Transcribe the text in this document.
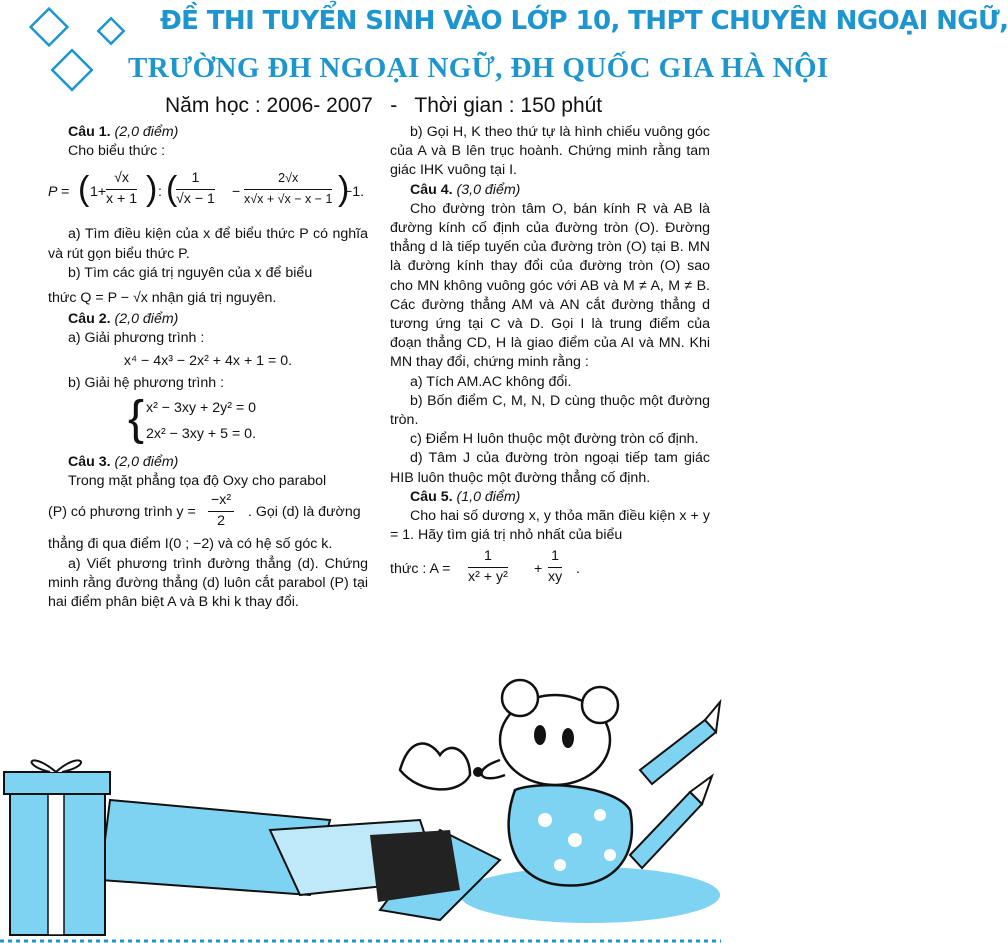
ĐỀ THI TUYỂN SINH VÀO LỚP 10, THPT CHUYÊN NGOẠI NGỮ,
TRƯỜNG ĐH NGOẠI NGỮ, ĐH QUỐC GIA HÀ NỘI
Năm học : 2006- 2007   -   Thời gian : 150 phút

Câu 1. (2,0 điểm)

Cho biểu thức :

P = ( $1+ \frac{√x}{x + 1}$ ) : (
$\frac{1}{√x - 1} - \frac{2√x}{x√x + √x - x - 1}$ )
−1.

a) Tìm điều kiện của x để biểu thức P có nghĩa và rút gọn biểu thức P.

b) Tìm các giá trị nguyên của x để biểu

thức Q = P − √x nhận giá trị nguyên.

Câu 2. (2,0 điểm)

a) Giải phương trình :

x⁴ − 4x³ − 2x² + 4x + 1 = 0.

b) Giải hệ phương trình :

{ x² − 3xy + 2y² = 0
2x² − 3xy + 5 = 0.

Câu 3. (2,0 điểm)

Trong mặt phẳng tọa độ Oxy cho parabol

(P) có phương trình $y = \frac{\text{−x²}}{2}$ . Gọi (d) là đường

thẳng đi qua điểm I(0 ; −2) và có hệ số góc k.

a) Viết phương trình đường thẳng (d). Chứng minh rằng đường thẳng (d) luôn cắt parabol (P) tại hai điểm phân biệt A và B khi k thay đổi.

b) Gọi H, K theo thứ tự là hình chiếu vuông góc của A và B lên trục hoành. Chứng minh rằng tam giác IHK vuông tại I.

Câu 4. (3,0 điểm)

Cho đường tròn tâm O, bán kính R và AB là đường kính cố định của đường tròn (O). Đường thẳng d là tiếp tuyến của đường tròn (O) tại B. MN là đường kính thay đổi của đường tròn (O) sao cho MN không vuông góc với AB và M ≠ A, M ≠ B. Các đường thẳng AM và AN cắt đường thẳng d tương ứng tại C và D. Gọi I là trung điểm của đoạn thẳng CD, H là giao điểm của AI và MN. Khi MN thay đổi, chứng minh rằng :

a) Tích AM.AC không đổi.

b) Bốn điểm C, M, N, D cùng thuộc một đường tròn.

c) Điểm H luôn thuộc một đường tròn cố định.

d) Tâm J của đường tròn ngoại tiếp tam giác HIB luôn thuộc một đường thẳng cố định.

Câu 5. (1,0 điểm)

Cho hai số dương x, y thỏa mãn điều kiện x + y = 1. Hãy tìm giá trị nhỏ nhất của biểu

thức : $A = \frac{1}{\text{x² + y²}} + \frac{1}{xy}$ .
